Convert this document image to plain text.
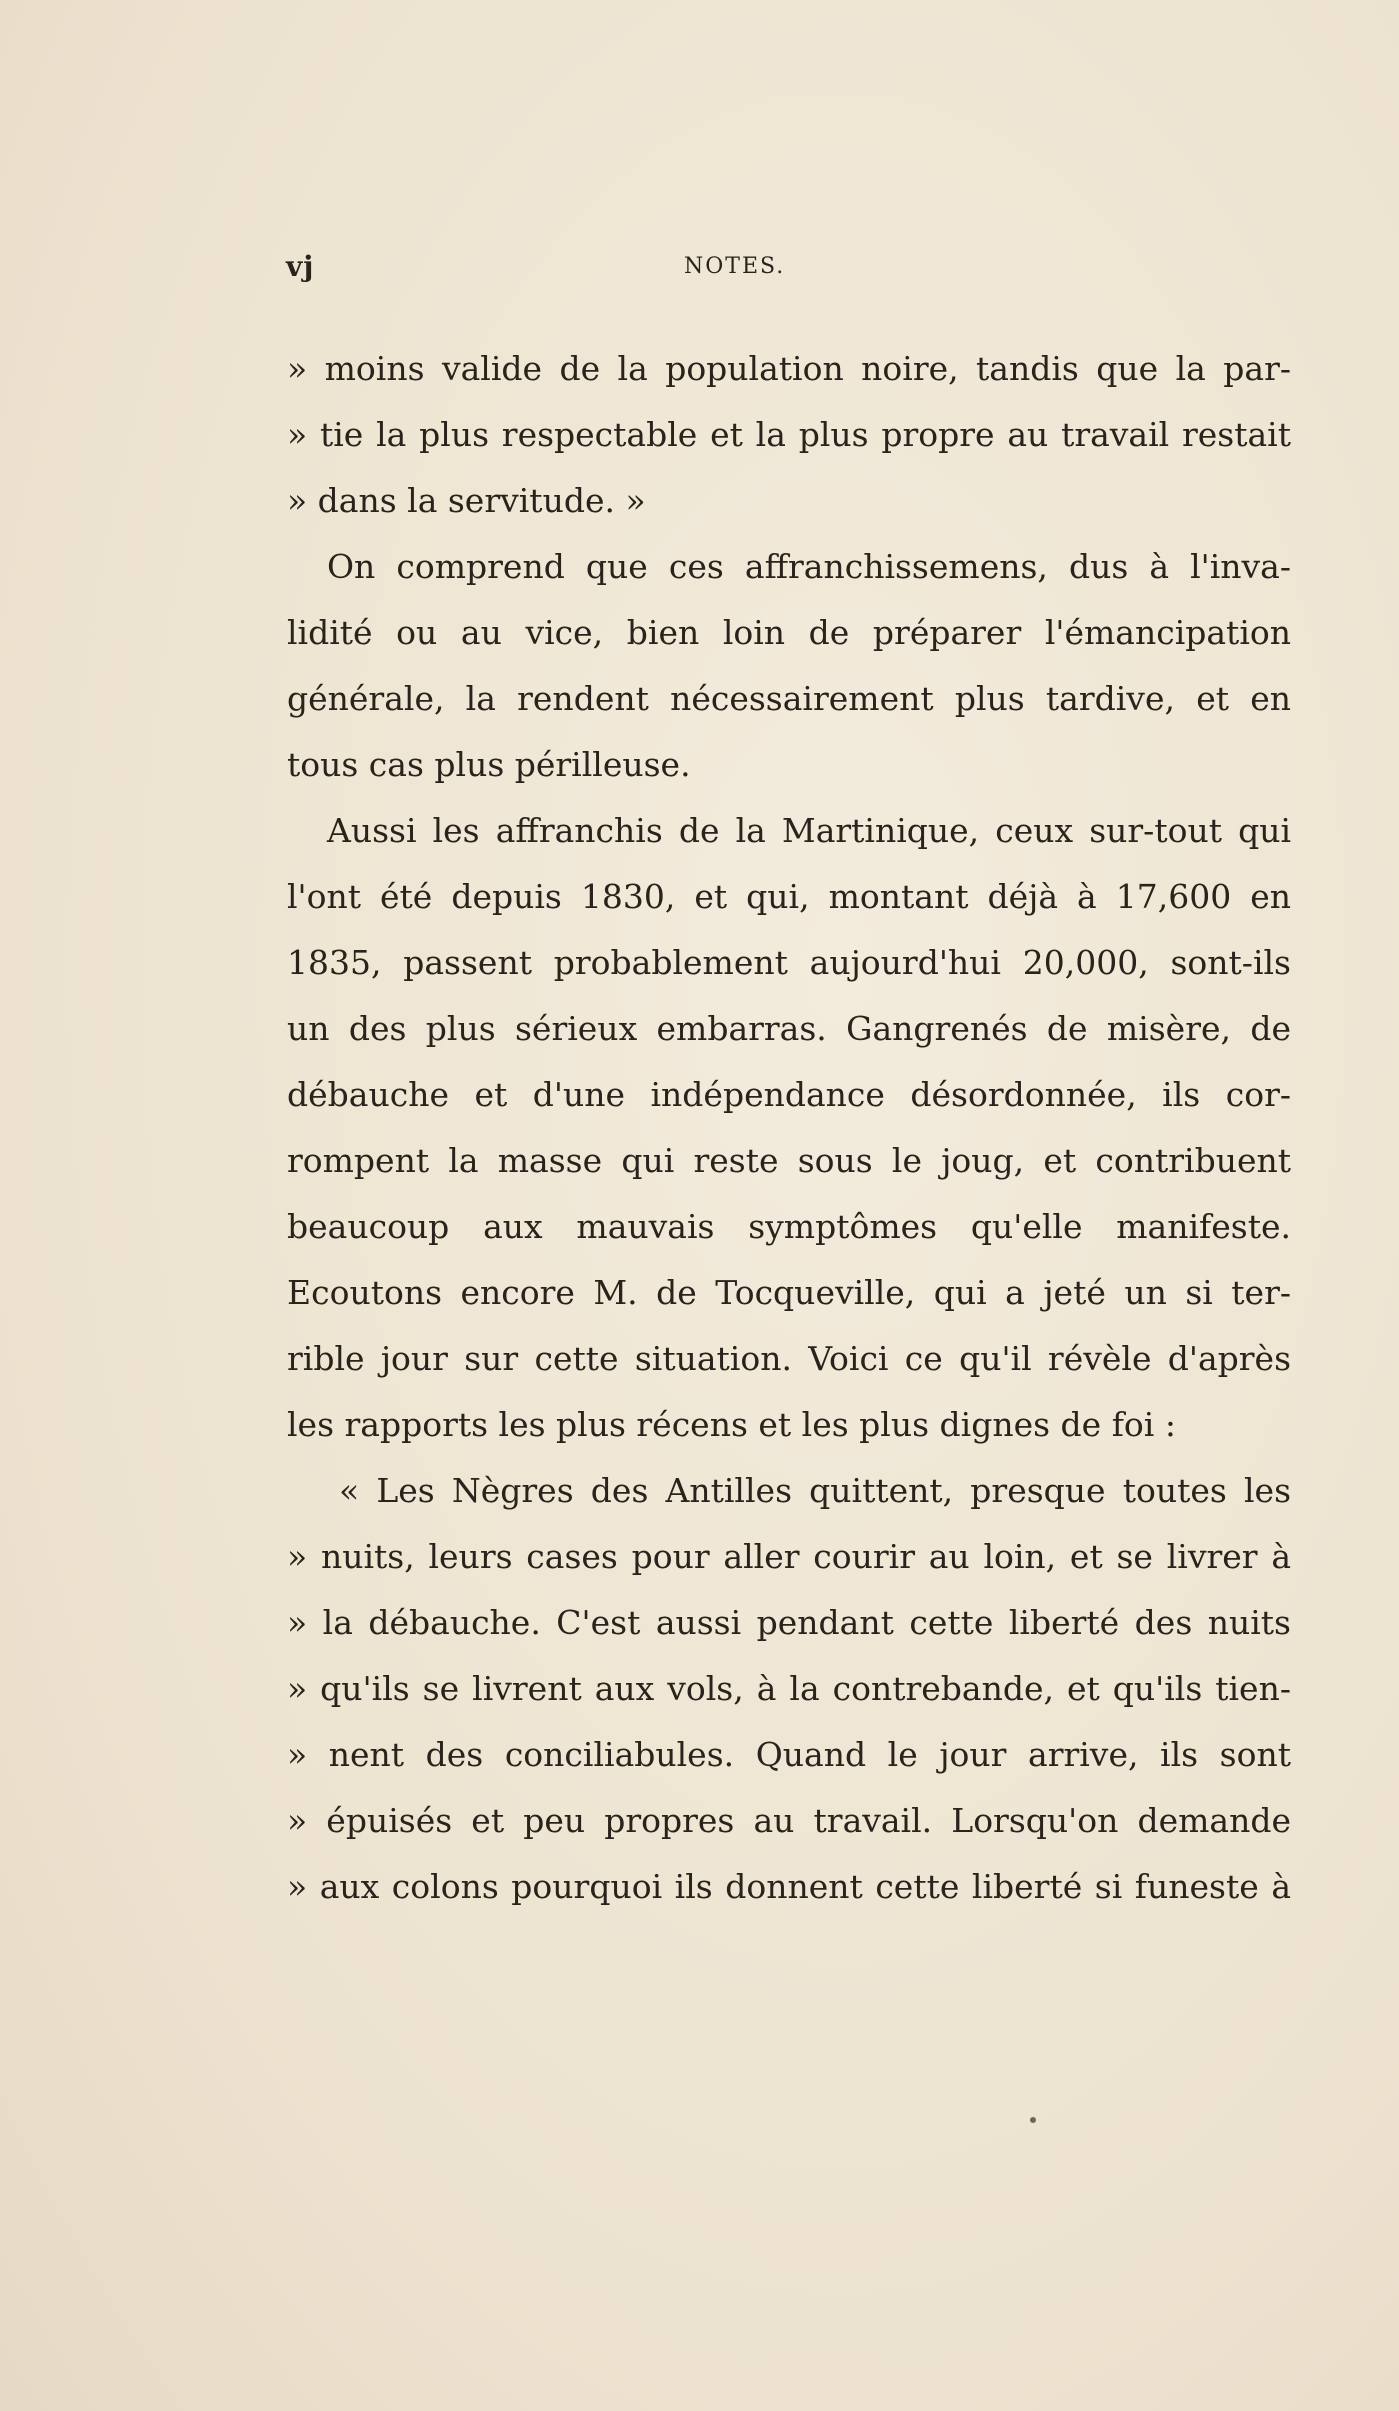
vj	NOTES.
» moins valide de la population noire, tandis que la par-
» tie la plus respectable et la plus propre au travail restait
» dans la servitude. »
On comprend que ces affranchissemens, dus à l'inva-
lidité ou au vice, bien loin de préparer l'émancipation
générale, la rendent nécessairement plus tardive, et en
tous cas plus périlleuse.
Aussi les affranchis de la Martinique, ceux sur-tout qui
l'ont été depuis 1830, et qui, montant déjà à 17,600 en
1835, passent probablement aujourd'hui 20,000, sont-ils
un des plus sérieux embarras. Gangrenés de misère, de
débauche et d'une indépendance désordonnée, ils cor-
rompent la masse qui reste sous le joug, et contribuent
beaucoup aux mauvais symptômes qu'elle manifeste.
Ecoutons encore M. de Tocqueville, qui a jeté un si ter-
rible jour sur cette situation. Voici ce qu'il révèle d'après
les rapports les plus récens et les plus dignes de foi :
« Les Nègres des Antilles quittent, presque toutes les
» nuits, leurs cases pour aller courir au loin, et se livrer à
» la débauche. C'est aussi pendant cette liberté des nuits
» qu'ils se livrent aux vols, à la contrebande, et qu'ils tien-
» nent des conciliabules. Quand le jour arrive, ils sont
» épuisés et peu propres au travail. Lorsqu'on demande
» aux colons pourquoi ils donnent cette liberté si funeste à
